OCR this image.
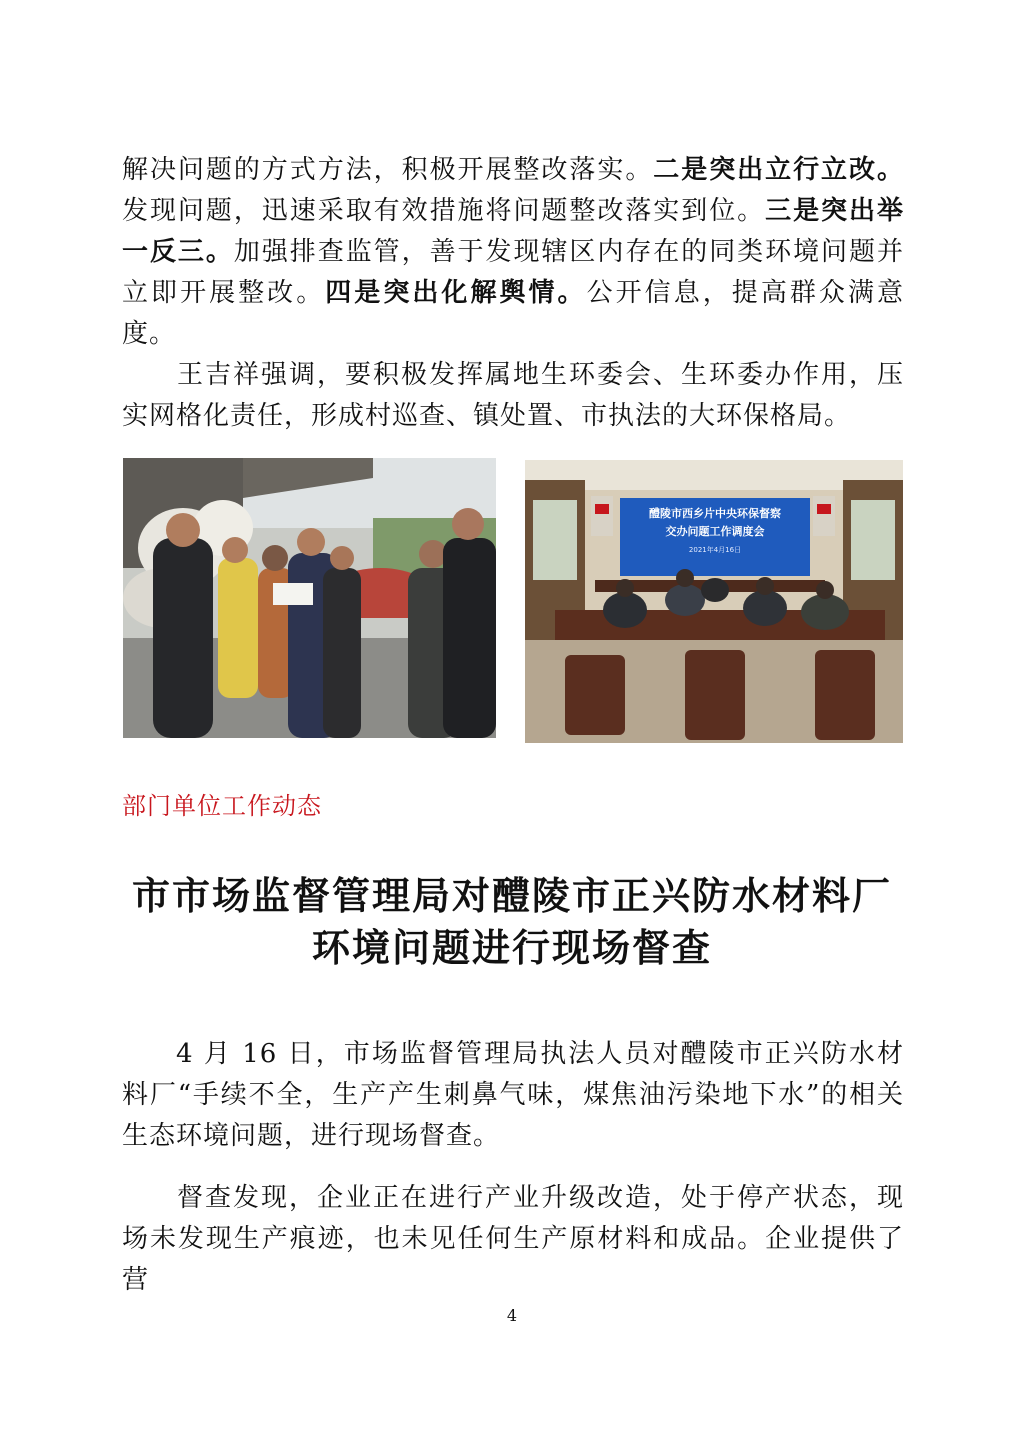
解决问题的方式方法，积极开展整改落实。二是突出立行立改。发现问题，迅速采取有效措施将问题整改落实到位。三是突出举一反三。加强排查监管，善于发现辖区内存在的同类环境问题并立即开展整改。四是突出化解舆情。公开信息，提高群众满意度。

王吉祥强调，要积极发挥属地生环委会、生环委办作用，压实网格化责任，形成村巡查、镇处置、市执法的大环保格局。

醴陵市西乡片中央环保督察
交办问题工作调度会
2021年4月16日
部门单位工作动态

市市场监督管理局对醴陵市正兴防水材料厂

环境问题进行现场督查

4 月 16 日，市场监督管理局执法人员对醴陵市正兴防水材料厂“手续不全，生产产生刺鼻气味，煤焦油污染地下水”的相关生态环境问题，进行现场督查。

督查发现，企业正在进行产业升级改造，处于停产状态，现场未发现生产痕迹，也未见任何生产原材料和成品。企业提供了营

4
